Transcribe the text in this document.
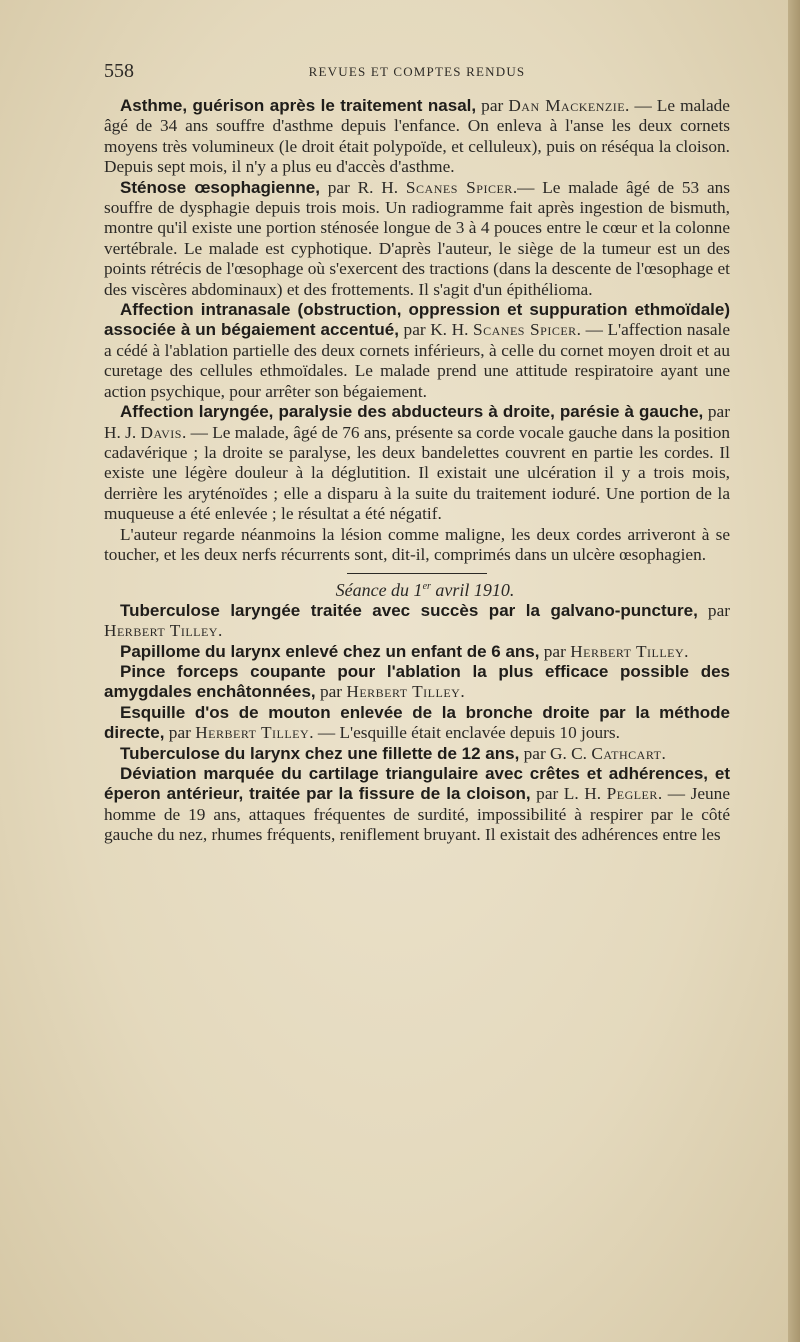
558	REVUES ET COMPTES RENDUS

Asthme, guérison après le traitement nasal, par Dan Mackenzie. — Le malade âgé de 34 ans souffre d'asthme depuis l'enfance. On enleva à l'anse les deux cornets moyens très volumineux (le droit était polypoïde, et celluleux), puis on réséqua la cloison. Depuis sept mois, il n'y a plus eu d'accès d'asthme.

Sténose œsophagienne, par R. H. Scanes Spicer.— Le malade âgé de 53 ans souffre de dysphagie depuis trois mois. Un radiogramme fait après ingestion de bismuth, montre qu'il existe une portion sténosée longue de 3 à 4 pouces entre le cœur et la colonne vertébrale. Le malade est cyphotique. D'après l'auteur, le siège de la tumeur est un des points rétrécis de l'œsophage où s'exercent des tractions (dans la descente de l'œsophage et des viscères abdominaux) et des frottements. Il s'agit d'un épithélioma.

Affection intranasale (obstruction, oppression et suppuration ethmoïdale) associée à un bégaiement accentué, par K. H. Scanes Spicer. — L'affection nasale a cédé à l'ablation partielle des deux cornets inférieurs, à celle du cornet moyen droit et au curetage des cellules ethmoïdales. Le malade prend une attitude respiratoire ayant une action psychique, pour arrêter son bégaiement.

Affection laryngée, paralysie des abducteurs à droite, parésie à gauche, par H. J. Davis. — Le malade, âgé de 76 ans, présente sa corde vocale gauche dans la position cadavérique ; la droite se paralyse, les deux bandelettes couvrent en partie les cordes. Il existe une légère douleur à la déglutition. Il existait une ulcération il y a trois mois, derrière les aryténoïdes ; elle a disparu à la suite du traitement ioduré. Une portion de la muqueuse a été enlevée ; le résultat a été négatif.

L'auteur regarde néanmoins la lésion comme maligne, les deux cordes arriveront à se toucher, et les deux nerfs récurrents sont, dit-il, comprimés dans un ulcère œsophagien.

Séance du 1er avril 1910.

Tuberculose laryngée traitée avec succès par la galvano-puncture, par Herbert Tilley.

Papillome du larynx enlevé chez un enfant de 6 ans, par Herbert Tilley.

Pince forceps coupante pour l'ablation la plus efficace possible des amygdales enchâtonnées, par Herbert Tilley.

Esquille d'os de mouton enlevée de la bronche droite par la méthode directe, par Herbert Tilley. — L'esquille était enclavée depuis 10 jours.

Tuberculose du larynx chez une fillette de 12 ans, par G. C. Cathcart.

Déviation marquée du cartilage triangulaire avec crêtes et adhérences, et éperon antérieur, traitée par la fissure de la cloison, par L. H. Pegler. — Jeune homme de 19 ans, attaques fréquentes de surdité, impossibilité à respirer par le côté gauche du nez, rhumes fréquents, reniflement bruyant. Il existait des adhérences entre les
